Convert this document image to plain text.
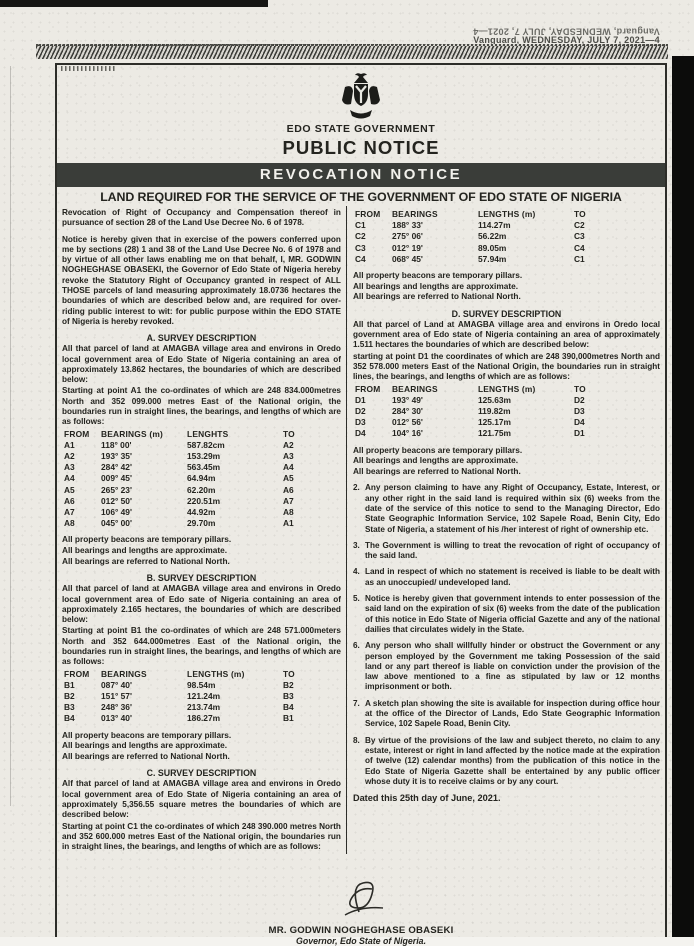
Vanguard, WEDNESDAY, JULY 7, 2021—4
Vanguard, WEDNESDAY, JULY 7, 2021—4
EDO STATE GOVERNMENT
PUBLIC NOTICE
REVOCATION NOTICE
LAND REQUIRED FOR THE SERVICE OF THE GOVERNMENT OF EDO STATE OF NIGERIA

Revocation of Right of Occupancy and Compensation thereof in pursuance of section 28 of the Land Use Decree No. 6 of 1978.

Notice is hereby given that in exercise of the powers conferred upon me by sections (28) 1 and 38 of the Land Use Decree No. 6 of 1978 and by virtue of all other laws enabling me on that behalf, I, MR. GODWIN NOGHEGHASE OBASEKI, the Governor of Edo State of Nigeria hereby revoke the Statutory Right of Occupancy granted in respect of ALL THOSE parcels of land measuring approximately 18.0736 hectares the boundaries of which are described below and, are required for over-riding public interest to wit: for public purpose within the EDO STATE of Nigeria is hereby revoked.

A. SURVEY DESCRIPTION

All that parcel of land at AMAGBA village area and environs in Oredo local government area of Edo State of Nigeria containing an area of approximately 13.862 hectares, the boundaries of which are described below:

Starting at point A1 the co-ordinates of which are 248 834.000metres North and 352 099.000 metres East of the National origin, the boundaries run in straight lines, the bearings, and lengths of which are as follows:

FROM	BEARINGS (m)	LENGHTS	TO
A1	118° 00'	587.82cm	A2
A2	193° 35'	153.29m	A3
A3	284° 42'	563.45m	A4
A4	009° 45'	64.94m	A5
A5	265° 23'	62.20m	A6
A6	012° 50'	220.51m	A7
A7	106° 49'	44.92m	A8
A8	045° 00'	29.70m	A1
All property beacons are temporary pillars.
All bearings and lengths are approximate.
All bearings are referred to National North.
B. SURVEY DESCRIPTION

All that parcel of land at AMAGBA village area and environs in Oredo local government area of Edo sate of Nigeria containing an area of approximately 2.165 hectares, the boundaries of which are described below:

Starting at point B1 the co-ordinates of which are 248 571.000meters North and 352 644.000metres East of the National origin, the boundaries run in straight lines, the bearings, and lengths of which are as follows:

FROM	BEARINGS	LENGTHS (m)	TO
B1	087° 40'	98.54m	B2
B2	151° 57'	121.24m	B3
B3	248° 36'	213.74m	B4
B4	013° 40'	186.27m	B1
All property beacons are temporary pillars.
All bearings and lengths are approximate.
All bearings are referred to National North.
C. SURVEY DESCRIPTION

Alf that parcel of land at AMAGBA village area and environs in Oredo local government area of Edo State of Nigeria containing an area of approximately 5,356.55 square metres the boundaries of which are described below:

Starting at point C1 the co-ordinates of which 248 390.000 metres North and 352 600.000 metres East of the National origin, the boundaries run in straight lines, the bearings, and lengths of which are as follows:

FROM	BEARINGS	LENGTHS (m)	TO
C1	188° 33'	114.27m	C2
C2	275° 06'	56.22m	C3
C3	012° 19'	89.05m	C4
C4	068° 45'	57.94m	C1
All property beacons are temporary pillars.
All bearings and lengths are approximate.
All bearings are referred to National North.
D. SURVEY DESCRIPTION

All that parcel of Land at AMAGBA village area and environs in Oredo local government area of Edo state of Nigeria containing an area of approximately 1.511 hectares the boundaries of which are described below:

starting at point D1 the coordinates of which are 248 390,000metres North and 352 578.000 meters East of the National Origin, the boundaries run in straight lines, the bearings, and lengths of which are as follows:

FROM	BEARINGS	LENGTHS (m)	TO
D1	193° 49'	125.63m	D2
D2	284° 30'	119.82m	D3
D3	012° 56'	125.17m	D4
D4	104° 16'	121.75m	D1
All property beacons are temporary pillars.
All bearings and lengths are approximate.
All bearings are referred to National North.
2. Any person claiming to have any Right of Occupancy, Estate, Interest, or any other right in the said land is required within six (6) weeks from the date of the service of this notice to send to the Managing Director, Edo State Geographic Information Service, 102 Sapele Road, Benin City, Edo State of Nigeria, a statement of his /her interest of right of ownership etc.
3. The Government is willing to treat the revocation of right of occupancy of the said land.
4. Land in respect of which no statement is received is liable to be dealt with as an unoccupied/ undeveloped land.
5. Notice is hereby given that government intends to enter possession of the said land on the expiration of six (6) weeks from the date of the publication of this notice in Edo State of Nigeria official Gazette and any of the national dailies that circulates widely in the State.
6. Any person who shall willfully hinder or obstruct the Government or any person employed by the Government me taking Possession of the said land or any part thereof is liable on conviction under the provision of the law above mentioned to a fine as stipulated by law or 12 months imprisonment or both.
7. A sketch plan showing the site is available for inspection during office hour at the office of the Director of Lands, Edo State Geographic Information Service, 102 Sapele Road, Benin City.
8. By virtue of the provisions of the law and subject thereto, no claim to any estate, interest or right in land affected by the notice made at the expiration of twelve (12) calendar months) from the publication of this notice in the Edo State of Nigeria Gazette shall be entertained by any public officer whose duty it is to receive claims or by any court.
Dated this 25th day of June, 2021.
MR. GODWIN NOGHEGHASE OBASEKI
Governor, Edo State of Nigeria.
